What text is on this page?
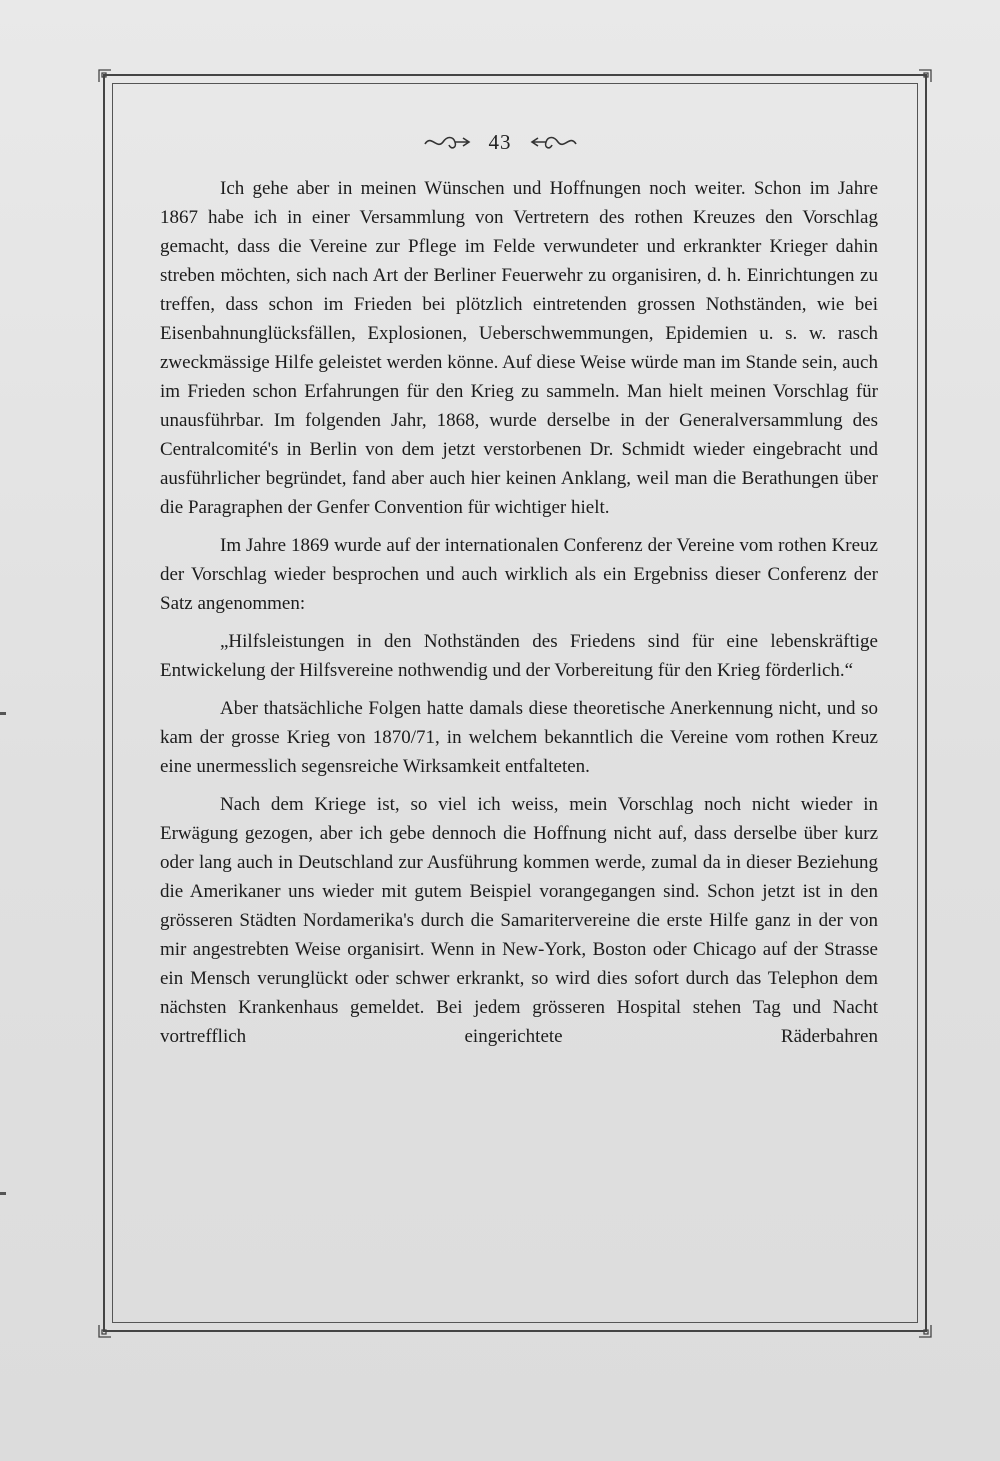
43

Ich gehe aber in meinen Wünschen und Hoffnungen noch weiter. Schon im Jahre 1867 habe ich in einer Versammlung von Vertretern des rothen Kreuzes den Vorschlag gemacht, dass die Vereine zur Pflege im Felde verwundeter und erkrankter Krieger dahin streben möchten, sich nach Art der Berliner Feuerwehr zu organisiren, d. h. Einrichtungen zu treffen, dass schon im Frieden bei plötzlich eintretenden grossen Nothständen, wie bei Eisenbahnunglücksfällen, Explosionen, Ueberschwemmungen, Epidemien u. s. w. rasch zweckmässige Hilfe geleistet werden könne. Auf diese Weise würde man im Stande sein, auch im Frieden schon Erfahrungen für den Krieg zu sammeln. Man hielt meinen Vorschlag für unausführbar. Im folgenden Jahr, 1868, wurde derselbe in der Generalversammlung des Centralcomité's in Berlin von dem jetzt verstorbenen Dr. Schmidt wieder eingebracht und ausführlicher begründet, fand aber auch hier keinen Anklang, weil man die Berathungen über die Paragraphen der Genfer Convention für wichtiger hielt.

Im Jahre 1869 wurde auf der internationalen Conferenz der Vereine vom rothen Kreuz der Vorschlag wieder besprochen und auch wirklich als ein Ergebniss dieser Conferenz der Satz angenommen:

„Hilfsleistungen in den Nothständen des Friedens sind für eine lebenskräftige Entwickelung der Hilfsvereine nothwendig und der Vorbereitung für den Krieg förderlich.“

Aber thatsächliche Folgen hatte damals diese theoretische Anerkennung nicht, und so kam der grosse Krieg von 1870/71, in welchem bekanntlich die Vereine vom rothen Kreuz eine unermesslich segensreiche Wirksamkeit entfalteten.

Nach dem Kriege ist, so viel ich weiss, mein Vorschlag noch nicht wieder in Erwägung gezogen, aber ich gebe dennoch die Hoffnung nicht auf, dass derselbe über kurz oder lang auch in Deutschland zur Ausführung kommen werde, zumal da in dieser Beziehung die Amerikaner uns wieder mit gutem Beispiel vorangegangen sind. Schon jetzt ist in den grösseren Städten Nordamerika's durch die Samaritervereine die erste Hilfe ganz in der von mir angestrebten Weise organisirt. Wenn in New-York, Boston oder Chicago auf der Strasse ein Mensch verunglückt oder schwer erkrankt, so wird dies sofort durch das Telephon dem nächsten Krankenhaus gemeldet. Bei jedem grösseren Hospital stehen Tag und Nacht vortrefflich eingerichtete Räderbahren
